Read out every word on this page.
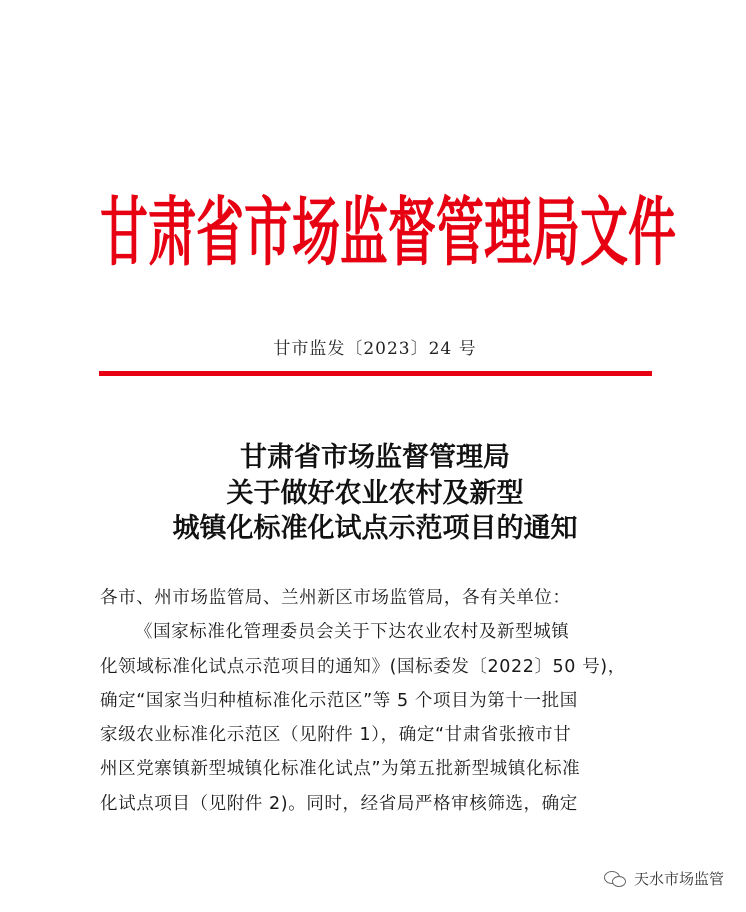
甘肃省市场监督管理局文件
甘市监发〔2023〕24 号
甘肃省市场监督管理局
关于做好农业农村及新型
城镇化标准化试点示范项目的通知
各市、州市场监管局、兰州新区市场监管局，各有关单位：
《国家标准化管理委员会关于下达农业农村及新型城镇
化领域标准化试点示范项目的通知》(国标委发〔2022〕50 号)，
确定“国家当归种植标准化示范区”等 5 个项目为第十一批国
家级农业标准化示范区（见附件 1），确定“甘肃省张掖市甘
州区党寨镇新型城镇化标准化试点”为第五批新型城镇化标准
化试点项目（见附件 2)。同时，经省局严格审核筛选，确定
天水市场监管
